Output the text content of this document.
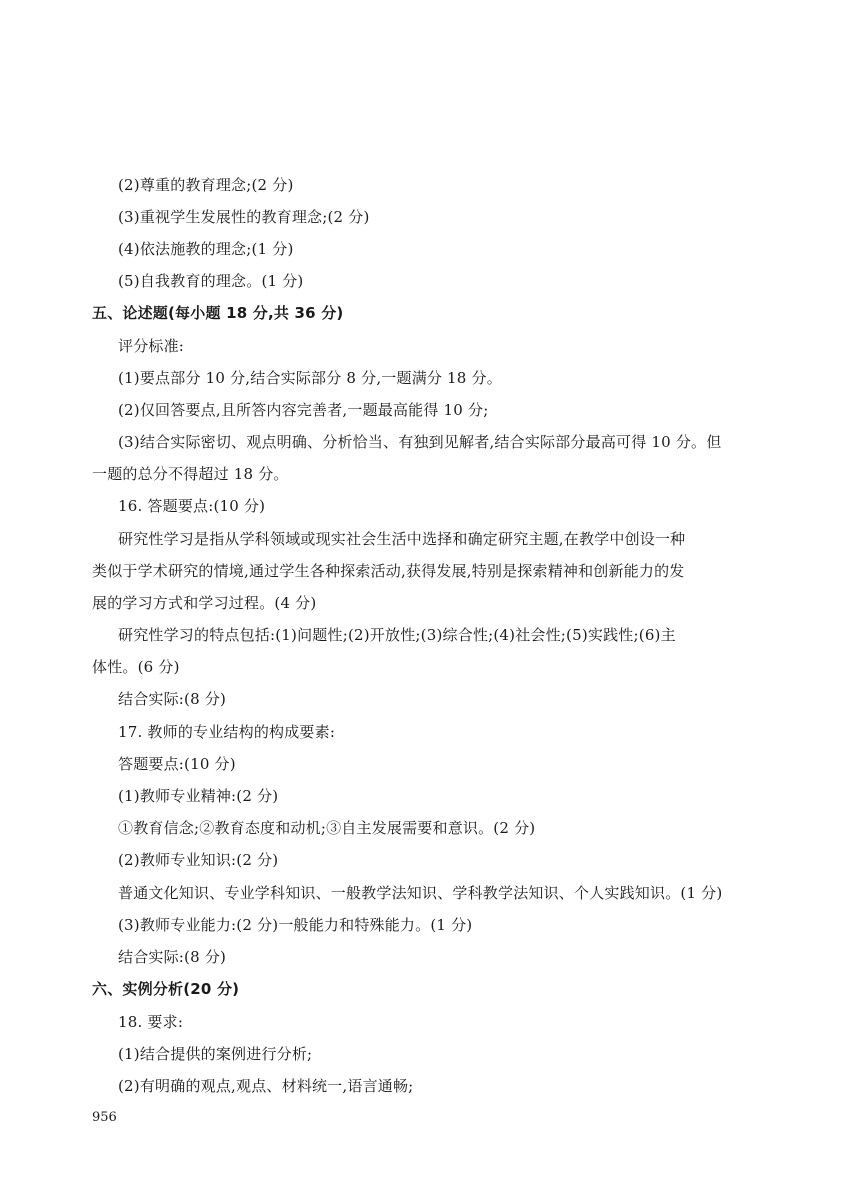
(2)尊重的教育理念;(2 分)
(3)重视学生发展性的教育理念;(2 分)
(4)依法施教的理念;(1 分)
(5)自我教育的理念。(1 分)
五、论述题(每小题 18 分,共 36 分)
评分标准:
(1)要点部分 10 分,结合实际部分 8 分,一题满分 18 分。
(2)仅回答要点,且所答内容完善者,一题最高能得 10 分;
(3)结合实际密切、观点明确、分析恰当、有独到见解者,结合实际部分最高可得 10 分。但
一题的总分不得超过 18 分。
16. 答题要点:(10 分)
研究性学习是指从学科领域或现实社会生活中选择和确定研究主题,在教学中创设一种
类似于学术研究的情境,通过学生各种探索活动,获得发展,特别是探索精神和创新能力的发
展的学习方式和学习过程。(4 分)
研究性学习的特点包括:(1)问题性;(2)开放性;(3)综合性;(4)社会性;(5)实践性;(6)主
体性。(6 分)
结合实际:(8 分)
17. 教师的专业结构的构成要素:
答题要点:(10 分)
(1)教师专业精神:(2 分)
①教育信念;②教育态度和动机;③自主发展需要和意识。(2 分)
(2)教师专业知识:(2 分)
普通文化知识、专业学科知识、一般教学法知识、学科教学法知识、个人实践知识。(1 分)
(3)教师专业能力:(2 分)一般能力和特殊能力。(1 分)
结合实际:(8 分)
六、实例分析(20 分)
18. 要求:
(1)结合提供的案例进行分析;
(2)有明确的观点,观点、材料统一,语言通畅;
956
